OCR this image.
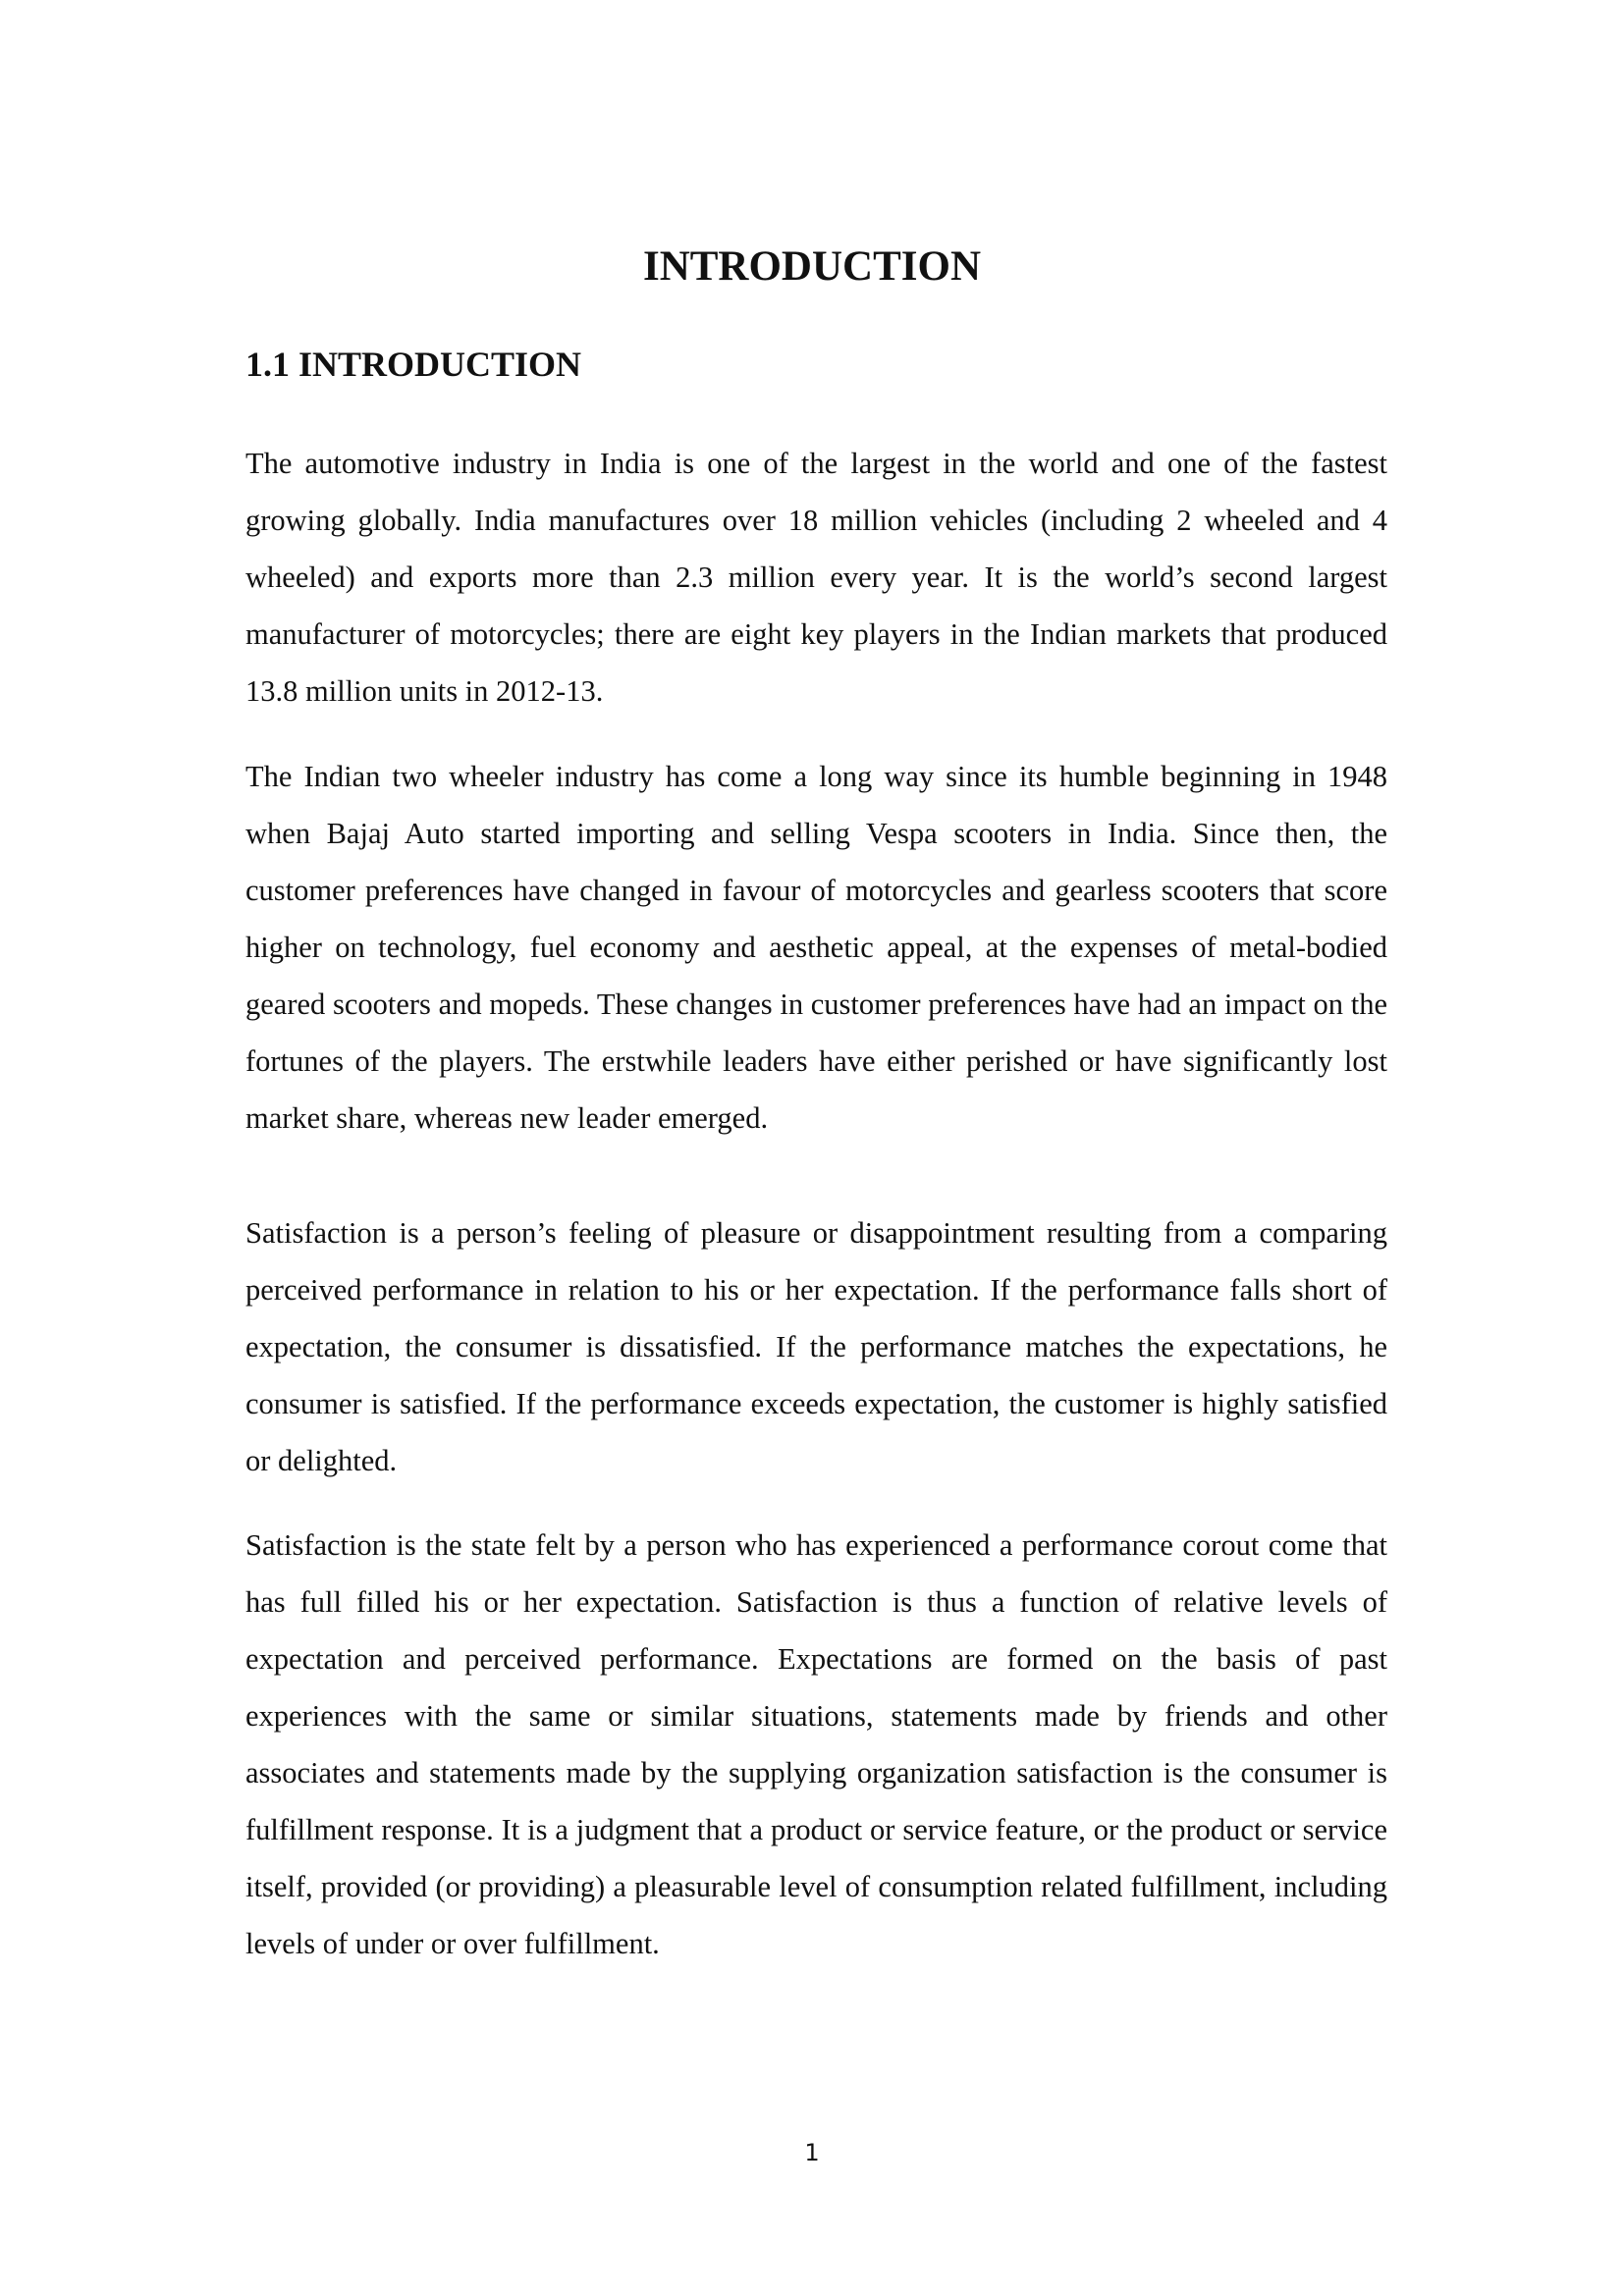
INTRODUCTION
1.1 INTRODUCTION

The automotive industry in India is one of the largest in the world and one of the fastest growing globally. India manufactures over 18 million vehicles (including 2 wheeled and 4 wheeled) and exports more than 2.3 million every year. It is the world’s second largest manufacturer of motorcycles; there are eight key players in the Indian markets that produced 13.8 million units in 2012-13.

The Indian two wheeler industry has come a long way since its humble beginning in 1948 when Bajaj Auto started importing and selling Vespa scooters in India. Since then, the customer preferences have changed in favour of motorcycles and gearless scooters that score higher on technology, fuel economy and aesthetic appeal, at the expenses of metal-bodied geared scooters and mopeds. These changes in customer preferences have had an impact on the fortunes of the players. The erstwhile leaders have either perished or have significantly lost market share, whereas new leader emerged.

Satisfaction is a person’s feeling of pleasure or disappointment resulting from a comparing perceived performance in relation to his or her expectation. If the performance falls short of expectation, the consumer is dissatisfied. If the performance matches the expectations, he consumer is satisfied. If the performance exceeds expectation, the customer is highly satisfied or delighted.

Satisfaction is the state felt by a person who has experienced a performance corout come that has full filled his or her expectation. Satisfaction is thus a function of relative levels of expectation and perceived performance. Expectations are formed on the basis of past experiences with the same or similar situations, statements made by friends and other associates and statements made by the supplying organization satisfaction is the consumer is fulfillment response. It is a judgment that a product or service feature, or the product or service itself, provided (or providing) a pleasurable level of consumption related fulfillment, including levels of under or over fulfillment.

1
